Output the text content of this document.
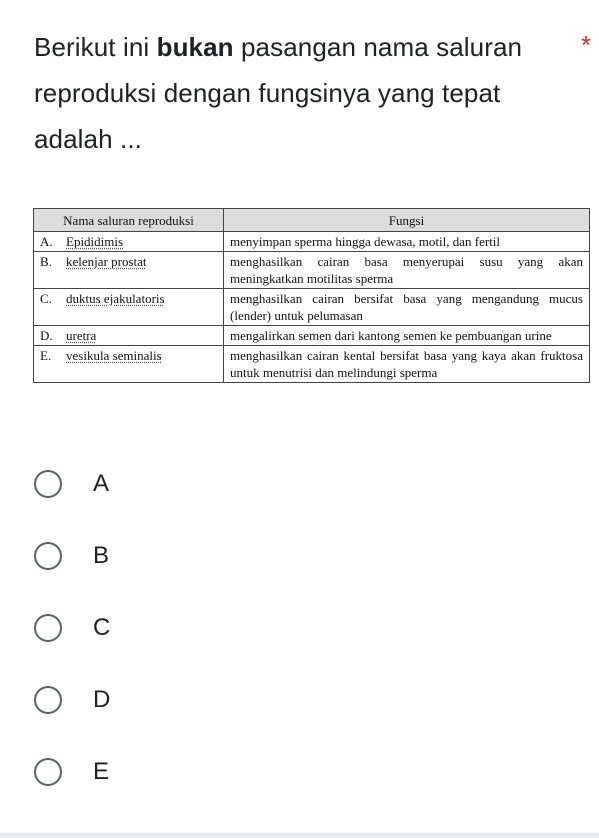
Berikut ini bukan pasangan nama saluran reproduksi dengan fungsinya yang tepat adalah ...
*
Nama saluran reproduksi	Fungsi
A. Epididimis	menyimpan sperma hingga dewasa, motil, dan fertil
B. kelenjar prostat	menghasilkan cairan basa menyerupai susu yang akan meningkatkan motilitas sperma
C. duktus ejakulatoris	menghasilkan cairan bersifat basa yang mengandung mucus (lender) untuk pelumasan
D. uretra	mengalirkan semen dari kantong semen ke pembuangan urine
E. vesikula seminalis	menghasilkan cairan kental bersifat basa yang kaya akan fruktosa untuk menutrisi dan melindungi sperma
A
B
C
D
E
